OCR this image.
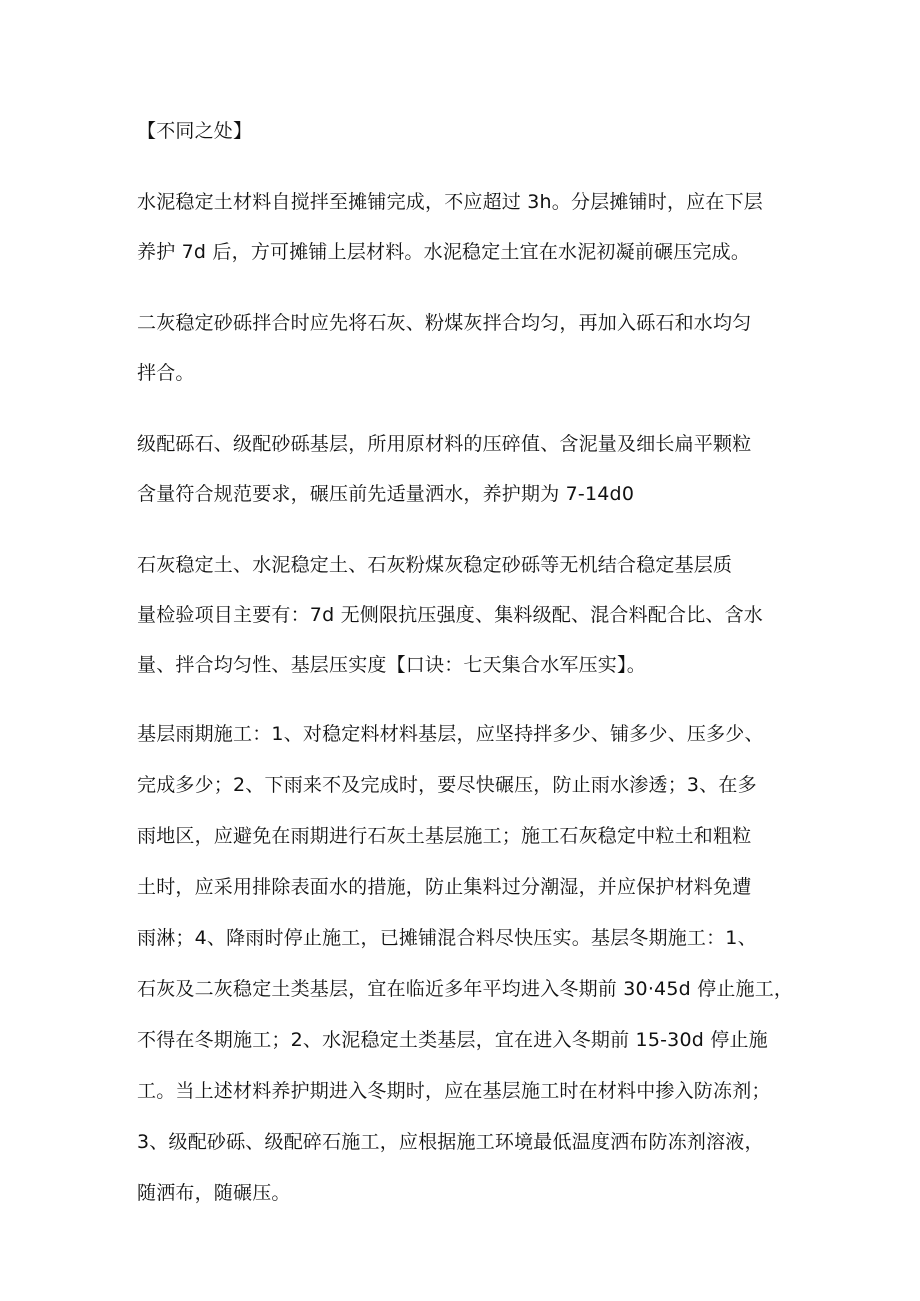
【不同之处】
水泥稳定土材料自搅拌至摊铺完成，不应超过 3h。分层摊铺时，应在下层
养护 7d 后，方可摊铺上层材料。水泥稳定土宜在水泥初凝前碾压完成。
二灰稳定砂砾拌合时应先将石灰、粉煤灰拌合均匀，再加入砾石和水均匀
拌合。
级配砾石、级配砂砾基层，所用原材料的压碎值、含泥量及细长扁平颗粒
含量符合规范要求，碾压前先适量洒水，养护期为 7-14d0
石灰稳定土、水泥稳定土、石灰粉煤灰稳定砂砾等无机结合稳定基层质
量检验项目主要有：7d 无侧限抗压强度、集料级配、混合料配合比、含水
量、拌合均匀性、基层压实度【口诀：七天集合水军压实】。
基层雨期施工：1、对稳定料材料基层，应坚持拌多少、铺多少、压多少、
完成多少；2、下雨来不及完成时，要尽快碾压，防止雨水渗透；3、在多
雨地区，应避免在雨期进行石灰土基层施工；施工石灰稳定中粒土和粗粒
土时，应采用排除表面水的措施，防止集料过分潮湿，并应保护材料免遭
雨淋；4、降雨时停止施工，已摊铺混合料尽快压实。基层冬期施工：1、
石灰及二灰稳定土类基层，宜在临近多年平均进入冬期前 30·45d 停止施工，
不得在冬期施工；2、水泥稳定土类基层，宜在进入冬期前 15-30d 停止施
工。当上述材料养护期进入冬期时，应在基层施工时在材料中掺入防冻剂；
3、级配砂砾、级配碎石施工，应根据施工环境最低温度洒布防冻剂溶液，
随洒布，随碾压。
